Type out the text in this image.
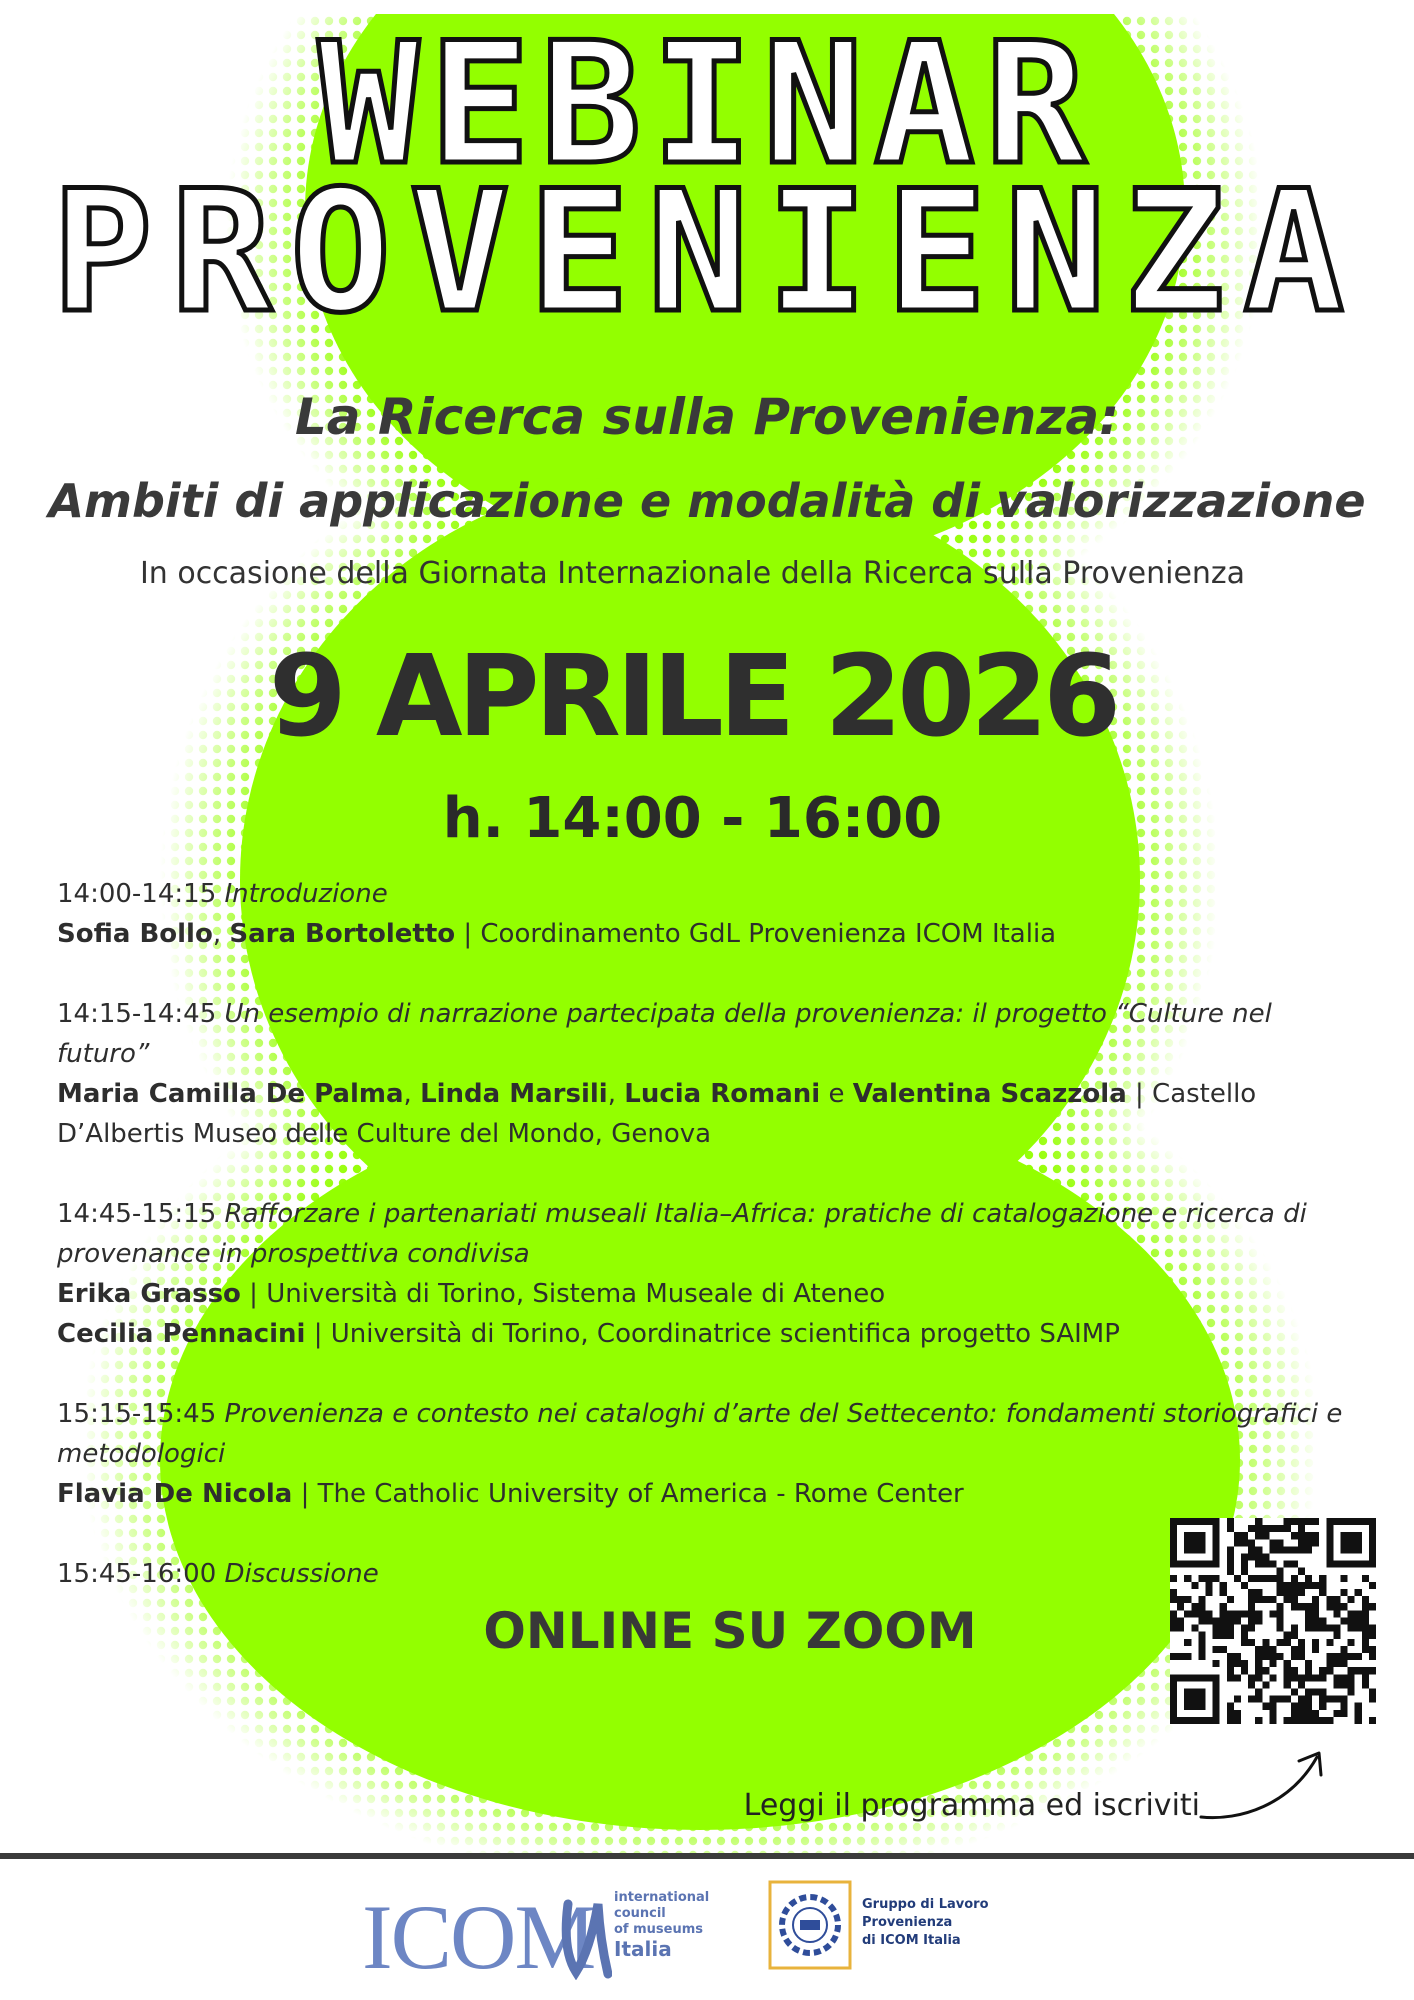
WEBINAR
PROVENIENZA
La Ricerca sulla Provenienza:
Ambiti di applicazione e modalità di valorizzazione
In occasione della Giornata Internazionale della Ricerca sulla Provenienza
9 APRILE 2026
h. 14:00 - 16:00
14:00-14:15 Introduzione
Sofia Bollo, Sara Bortoletto | Coordinamento GdL Provenienza ICOM Italia
14:15-14:45 Un esempio di narrazione partecipata della provenienza: il progetto “Culture nel futuro”
Maria Camilla De Palma, Linda Marsili, Lucia Romani e Valentina Scazzola | Castello D’Albertis Museo delle Culture del Mondo, Genova
14:45-15:15 Rafforzare i partenariati museali Italia–Africa: pratiche di catalogazione e ricerca di provenance in prospettiva condivisa
Erika Grasso | Università di Torino, Sistema Museale di Ateneo
Cecilia Pennacini | Università di Torino, Coordinatrice scientifica progetto SAIMP
15:15-15:45 Provenienza e contesto nei cataloghi d’arte del Settecento: fondamenti storiografici e metodologici
Flavia De Nicola | The Catholic University of America - Rome Center
15:45-16:00 Discussione
ONLINE SU ZOOM
Leggi il programma ed iscriviti
ICOM international
council
of museums
Italia
Gruppo di Lavoro
Provenienza
di ICOM Italia
